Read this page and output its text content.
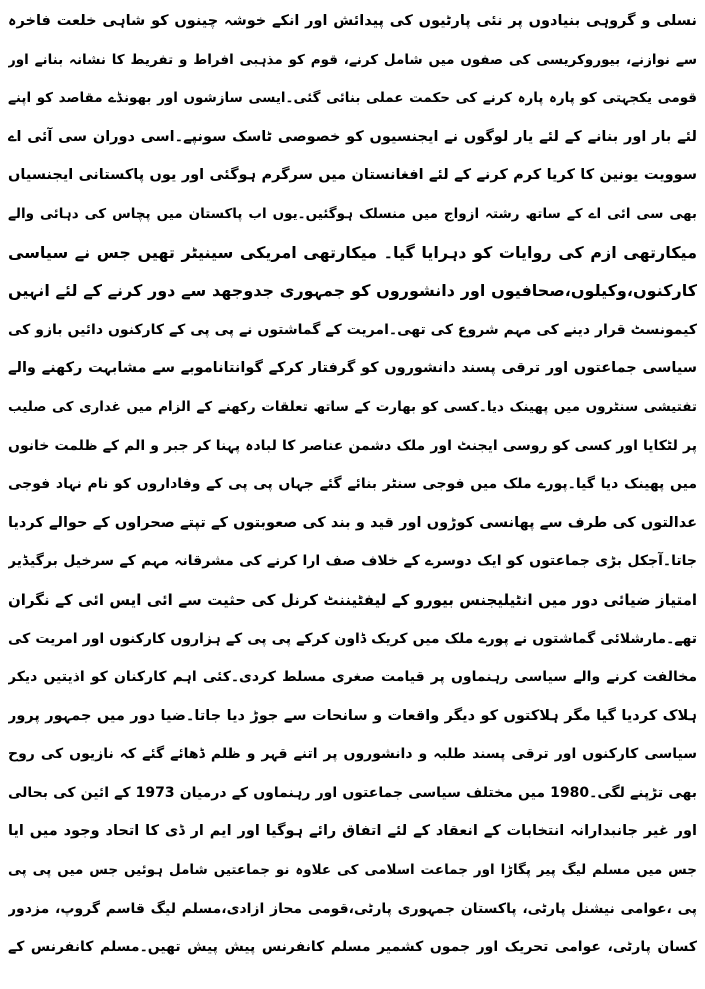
نسلی و گروہی بنیادوں پر نئی پارٹیوں کی پیدائش اور انکے خوشہ چینوں کو شاہی خلعت فاخرہ
سے نوازنے، بیوروکریسی کی صفوں میں شامل کرنے، قوم کو مذہبی افراط و تفریط کا نشانہ بنانے اور
قومی یکجہتی کو پارہ پارہ کرنے کی حکمت عملی بنائی گئی۔ایسی سازشوں اور بھونڈے مقاصد کو اپنے
لئے بار اور بنانے کے لئے یار لوگوں نے ایجنسیوں کو خصوصی ٹاسک سونپے۔اسی دوران سی آئی اے
سوویت یونین کا کریا کرم کرنے کے لئے افغانستان میں سرگرم ہوگئی اور یوں پاکستانی ایجنسیاں
بھی سی ائی اے کے ساتھ رشتہ ازواج میں منسلک ہوگئیں۔یوں اب پاکستان میں پچاس کی دہائی والے
میکارتھی ازم کی روایات کو دہرایا گیا۔ میکارتھی امریکی سینیٹر تھیں جس نے سیاسی
کارکنوں،وکیلوں،صحافیوں اور دانشوروں کو جمہوری جدوجھد سے دور کرنے کے لئے انہیں
کیمونسٹ قرار دینے کی مہم شروع کی تھی۔امریت کے گماشتوں نے پی پی کے کارکنوں دائیں بازو کی
سیاسی جماعتوں اور ترقی پسند دانشوروں کو گرفتار کرکے گوانتاناموبے سے مشابہت رکھنے والے
تفتیشی سنٹروں میں پھینک دیا۔کسی کو بھارت کے ساتھ تعلقات رکھنے کے الزام میں غداری کی صلیب
پر لٹکایا اور کسی کو روسی ایجنٹ اور ملک دشمن عناصر کا لبادہ پہنا کر جبر و الم کے ظلمت خانوں
میں پھینک دیا گیا۔پورے ملک میں فوجی سنٹر بنائے گئے جہاں پی پی کے وفاداروں کو نام نہاد فوجی
عدالتوں کی طرف سے پھانسی کوڑوں اور قید و بند کی صعوبتوں کے تپتے صحراوں کے حوالے کردیا
جاتا۔آجکل بڑی جماعتوں کو ایک دوسرے کے خلاف صف ارا کرنے کی مشرقانہ مہم کے سرخیل برگیڈیر
امتیاز ضیائی دور میں انٹیلیجنس بیورو کے لیفٹیننٹ کرنل کی حثیت سے ائی ایس ائی کے نگران
تھے۔مارشلائی گماشتوں نے پورے ملک میں کریک ڈاون کرکے پی پی کے ہزاروں کارکنوں اور امریت کی
مخالفت کرنے والے سیاسی رہنماوں پر قیامت صغری مسلط کردی۔کئی اہم کارکنان کو اذیتیں دیکر
ہلاک کردیا گیا مگر ہلاکتوں کو دیگر واقعات و سانحات سے جوڑ دیا جاتا۔ضیا دور میں جمہور پرور
سیاسی کارکنوں اور ترقی پسند طلبہ و دانشوروں پر اتنے قہر و ظلم ڈھائے گئے کہ نازیوں کی روح
بھی تڑپنے لگی۔1980 میں مختلف سیاسی جماعتوں اور رہنماوں کے درمیان 1973 کے ائین کی بحالی
اور غیر جانبدارانہ انتخابات کے انعقاد کے لئے اتفاق رائے ہوگیا اور ایم ار ڈی کا اتحاد وجود میں ایا
جس میں مسلم لیگ پیر پگاڑا اور جماعت اسلامی کی علاوہ نو جماعتیں شامل ہوئیں جس میں پی پی
پی ،عوامی نیشنل پارٹی، پاکستان جمہوری پارٹی،قومی محاز ازادی،مسلم لیگ قاسم گروپ، مزدور
کسان پارٹی، عوامی تحریک اور جموں کشمیر مسلم کانفرنس پیش پیش تھیں۔مسلم کانفرنس کے
